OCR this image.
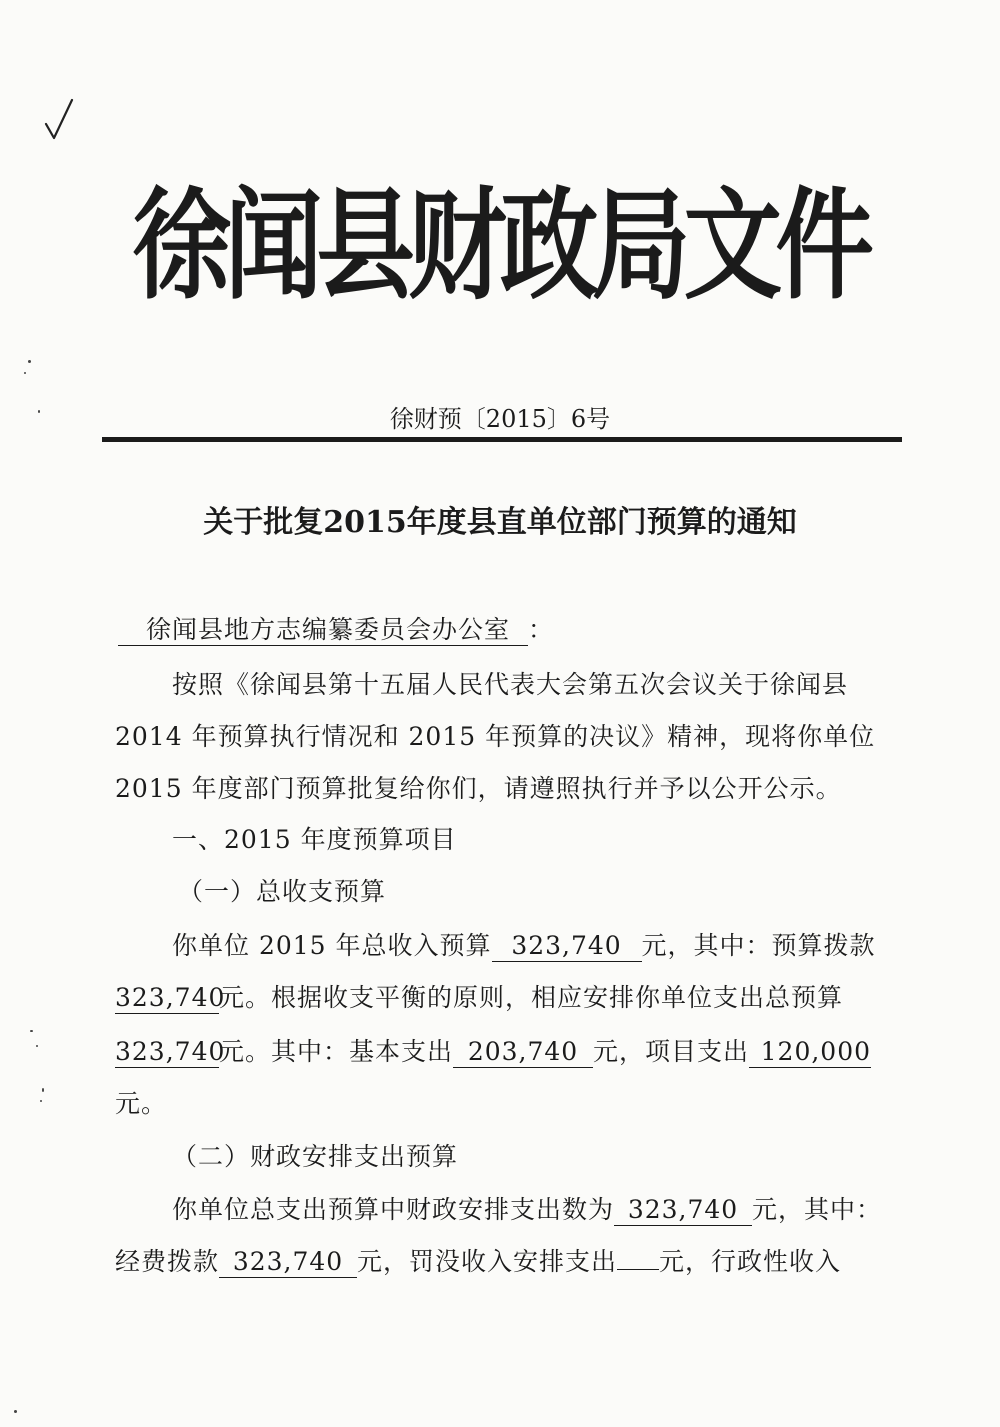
徐闻县财政局文件
徐财预〔2015〕6号
关于批复2015年度县直单位部门预算的通知
徐闻县地方志编纂委员会办公室 ：
按照《徐闻县第十五届人民代表大会第五次会议关于徐闻县
2014 年预算执行情况和 2015 年预算的决议》精神，现将你单位
2015 年度部门预算批复给你们，请遵照执行并予以公开公示。
一、2015 年度预算项目
（一）总收支预算
你单位 2015 年总收入预算 323,740 元，其中：预算拨款
323,740元。根据收支平衡的原则，相应安排你单位支出总预算
323,740元。其中：基本支出 203,740 元，项目支出 120,000
元。
（二）财政安排支出预算
你单位总支出预算中财政安排支出数为 323,740 元，其中：
经费拨款 323,740 元，罚没收入安排支出 元，行政性收入
